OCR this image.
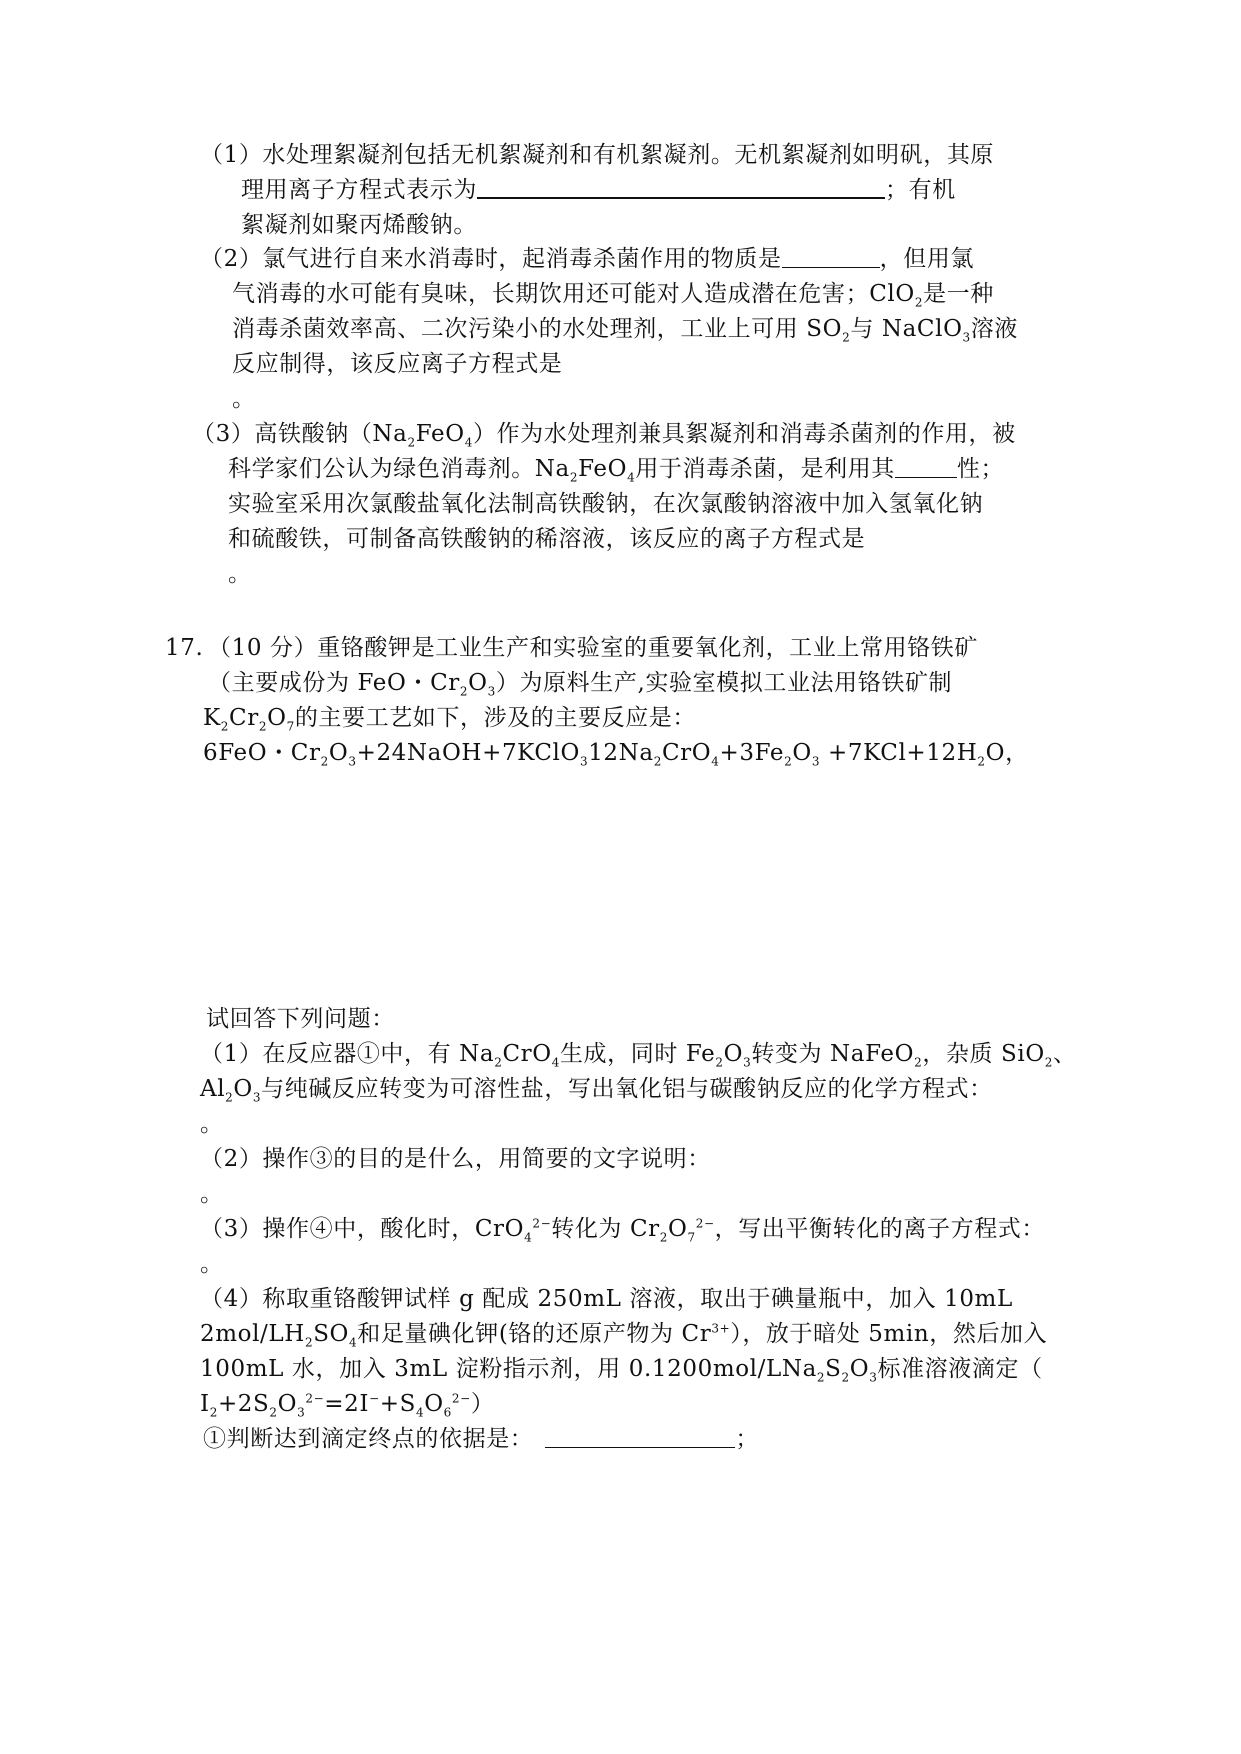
（1）水处理絮凝剂包括无机絮凝剂和有机絮凝剂。无机絮凝剂如明矾，其原
理用离子方程式表示为	；有机
絮凝剂如聚丙烯酸钠。
（2）氯气进行自来水消毒时，起消毒杀菌作用的物质是	，但用氯
气消毒的水可能有臭味，长期饮用还可能对人造成潜在危害；ClO$_2$是一种
消毒杀菌效率高、二次污染小的水处理剂，工业上可用 $SO_2$与 NaClO$_3$溶液
反应制得，该反应离子方程式是
。
（3）高铁酸钠$(Na_2FeO_4)$作为水处理剂兼具絮凝剂和消毒杀菌剂的作用，被
科学家们公认为绿色消毒剂。$Na_2FeO_4$用于消毒杀菌，是利用其	性；
实验室采用次氯酸盐氧化法制高铁酸钠，在次氯酸钠溶液中加入氢氧化钠
和硫酸铁，可制备高铁酸钠的稀溶液，该反应的离子方程式是
。
17. （10 分）重铬酸钾是工业生产和实验室的重要氧化剂，工业上常用铬铁矿
（主要成份为 FeO・$Cr_2O_3$）为原料生产,实验室模拟工业法用铬铁矿制
$K_2Cr_2O_7$的主要工艺如下，涉及的主要反应是：
6FeO・$Cr_2O_3+24NaOH+7KClO_312Na_2CrO_4+3Fe_2O_3 +7KCl+12H_2O$，
试回答下列问题：
（1）在反应器①中，有 $Na_2CrO_4$生成，同时 $Fe_2O_3$转变为 NaFeO$_2$，杂质 SiO$_2$、
$Al_2O_3$与纯碱反应转变为可溶性盐，写出氧化铝与碳酸钠反应的化学方程式：
。
（2）操作③的目的是什么，用简要的文字说明：
。
（3）操作④中，酸化时，CrO$_4^{2-}$转化为 $Cr_2O_7^{2-}$，写出平衡转化的离子方程式：
。
（4）称取重铬酸钾试样 g 配成 250mL 溶液，取出于碘量瓶中，加入 10mL
$2mol/LH_2SO_4$和足量碘化钾(铬的还原产物为 $Cr^{3+}$），放于暗处 5min，然后加入
100mL 水，加入 3mL 淀粉指示剂，用 $0.1200mol/LNa_2S_2O_3$标准溶液滴定（
$I_2+2S_2O_3^{2-}=2I^-+S_4O_6^{2-}$）
①判断达到滴定终点的依据是：	；
